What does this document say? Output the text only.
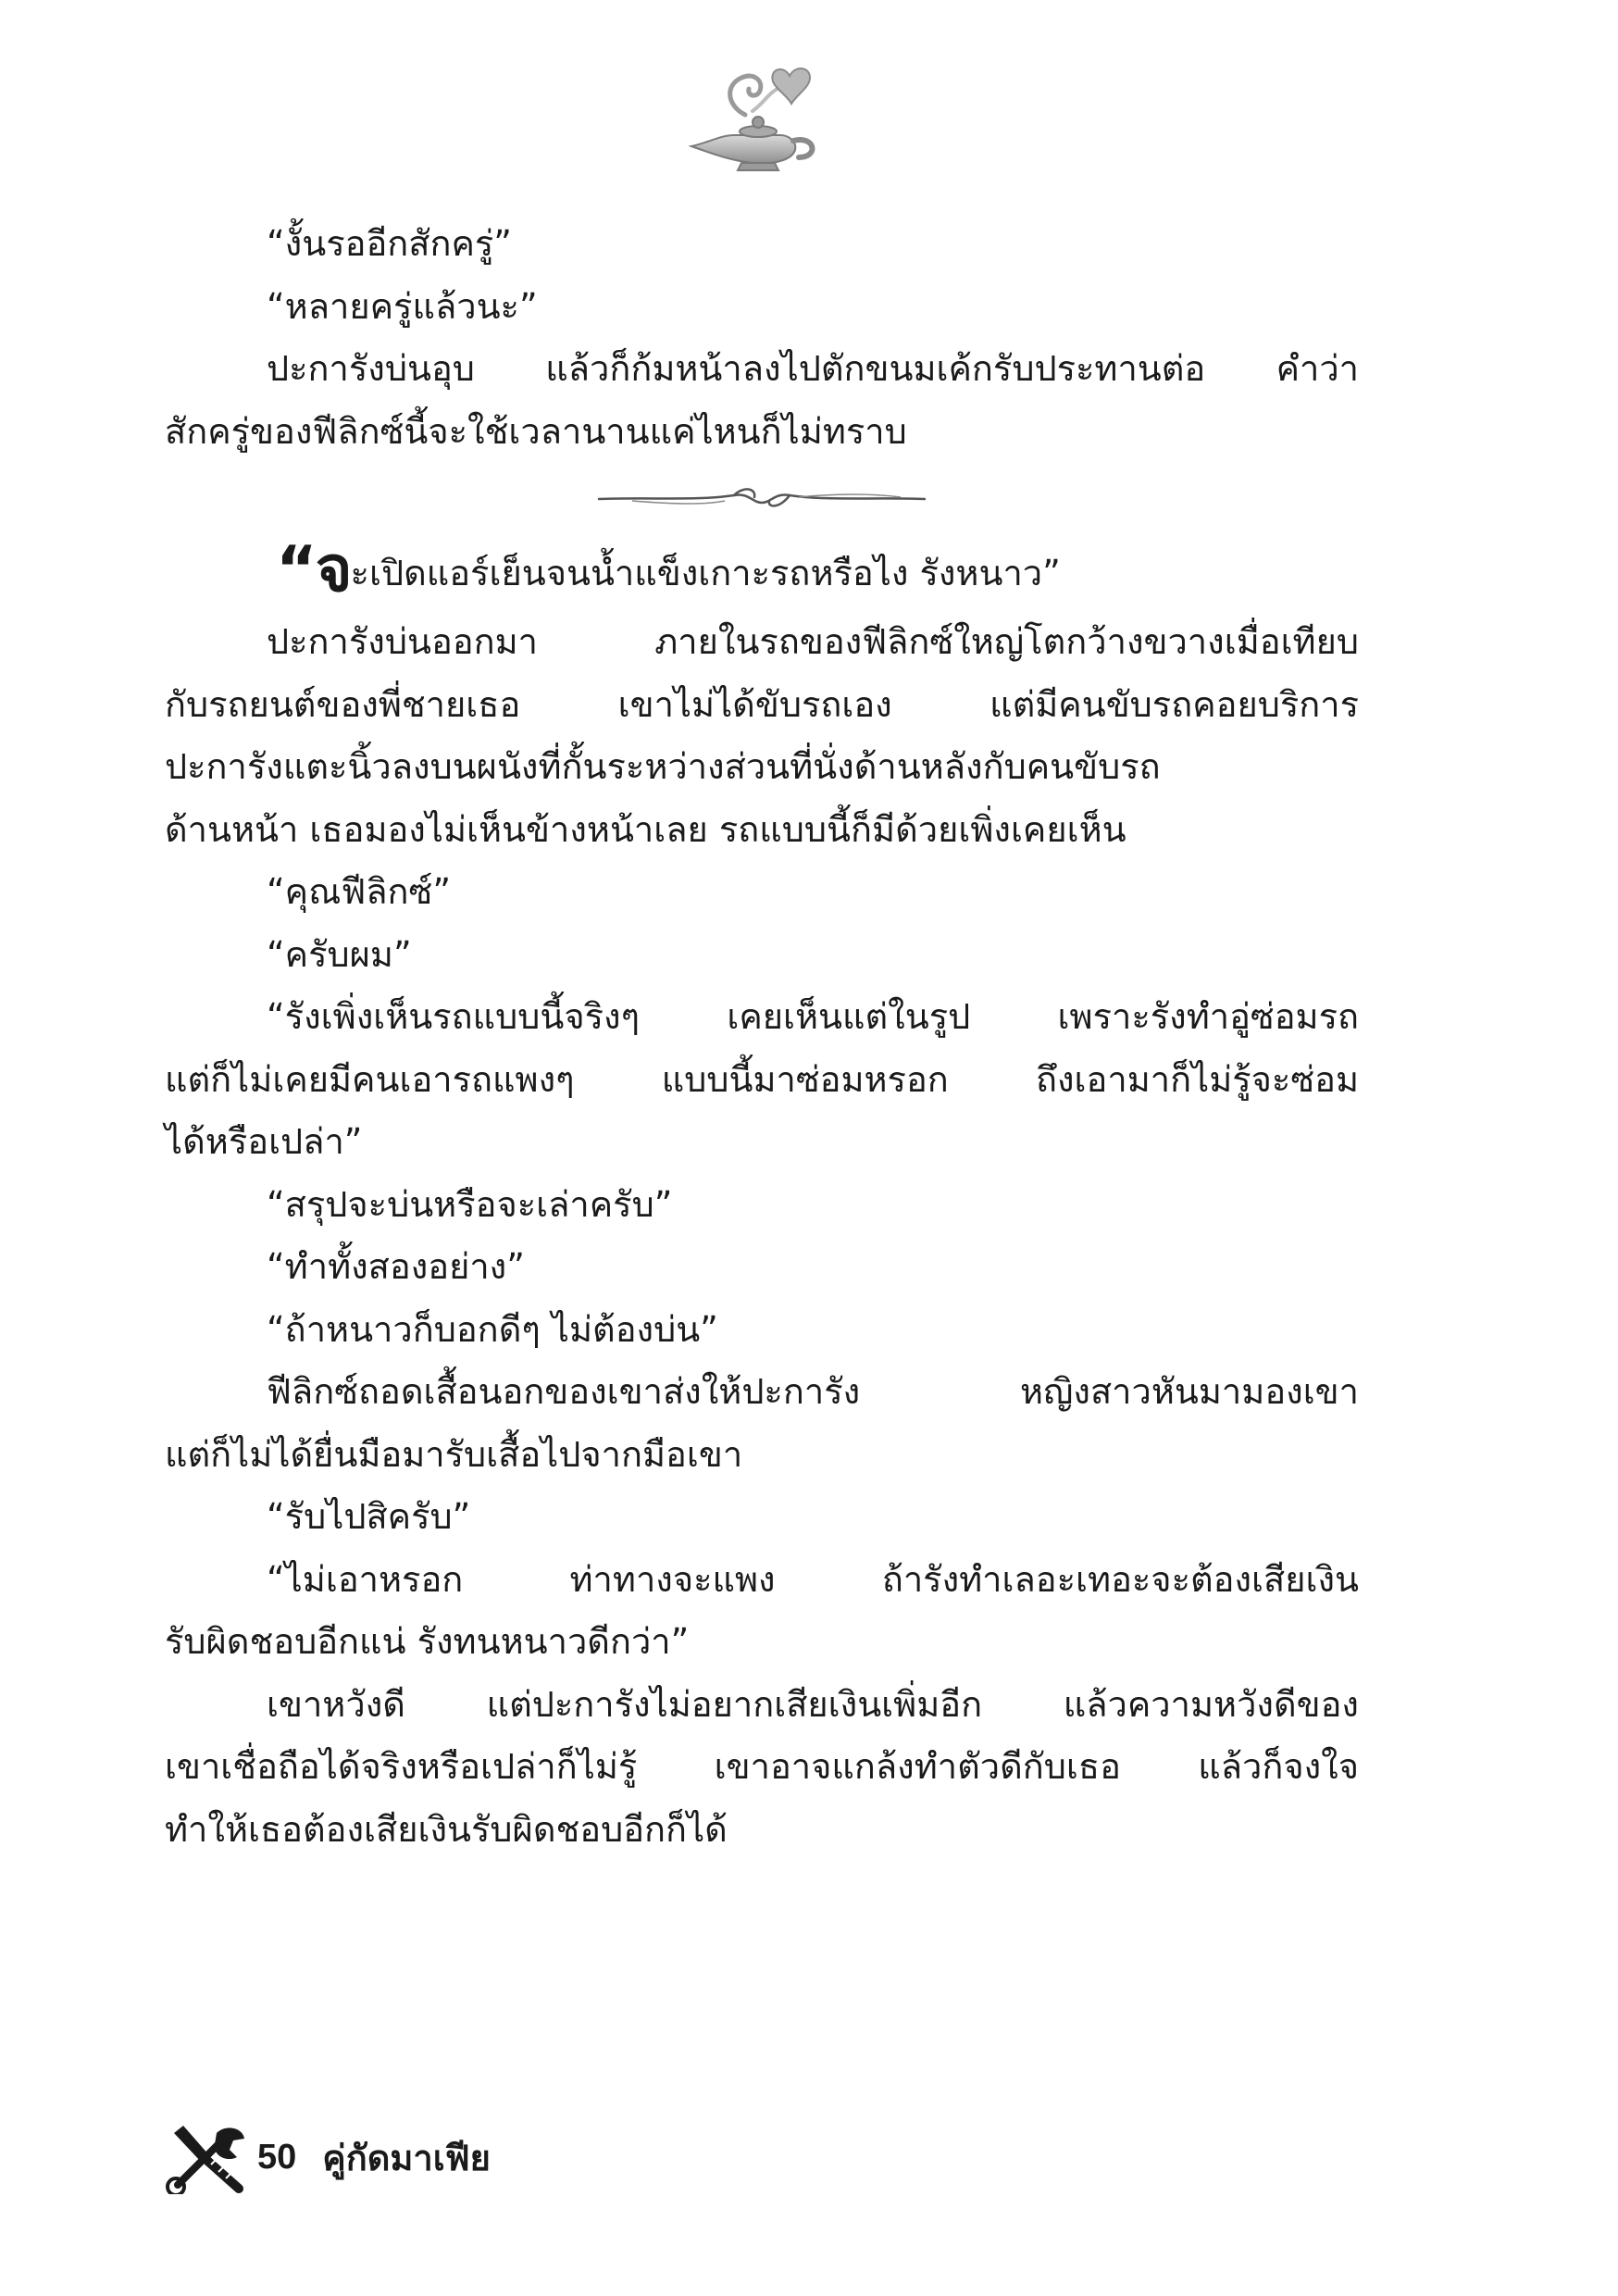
“งั้นรออีกสักครู่”
“หลายครู่แล้วนะ”
ปะการังบ่นอุบ แล้วก็ก้มหน้าลงไปตักขนมเค้กรับประทานต่อ คำว่า
สักครู่ของฟีลิกซ์นี้จะใช้เวลานานแค่ไหนก็ไม่ทราบ
“จะเปิดแอร์เย็นจนน้ำแข็งเกาะรถหรือไง รังหนาว”
ปะการังบ่นออกมา ภายในรถของฟีลิกซ์ใหญ่โตกว้างขวางเมื่อเทียบ
กับรถยนต์ของพี่ชายเธอ เขาไม่ได้ขับรถเอง แต่มีคนขับรถคอยบริการ
ปะการังแตะนิ้วลงบนผนังที่กั้นระหว่างส่วนที่นั่งด้านหลังกับคนขับรถ
ด้านหน้า เธอมองไม่เห็นข้างหน้าเลย รถแบบนี้ก็มีด้วยเพิ่งเคยเห็น
“คุณฟีลิกซ์”
“ครับผม”
“รังเพิ่งเห็นรถแบบนี้จริงๆ เคยเห็นแต่ในรูป เพราะรังทำอู่ซ่อมรถ
แต่ก็ไม่เคยมีคนเอารถแพงๆ แบบนี้มาซ่อมหรอก ถึงเอามาก็ไม่รู้จะซ่อม
ได้หรือเปล่า”
“สรุปจะบ่นหรือจะเล่าครับ”
“ทำทั้งสองอย่าง”
“ถ้าหนาวก็บอกดีๆ ไม่ต้องบ่น”
ฟีลิกซ์ถอดเสื้อนอกของเขาส่งให้ปะการัง หญิงสาวหันมามองเขา
แต่ก็ไม่ได้ยื่นมือมารับเสื้อไปจากมือเขา
“รับไปสิครับ”
“ไม่เอาหรอก ท่าทางจะแพง ถ้ารังทำเลอะเทอะจะต้องเสียเงิน
รับผิดชอบอีกแน่ รังทนหนาวดีกว่า”
เขาหวังดี แต่ปะการังไม่อยากเสียเงินเพิ่มอีก แล้วความหวังดีของ
เขาเชื่อถือได้จริงหรือเปล่าก็ไม่รู้ เขาอาจแกล้งทำตัวดีกับเธอ แล้วก็จงใจ
ทำให้เธอต้องเสียเงินรับผิดชอบอีกก็ได้
50 คู่กัดมาเฟีย
